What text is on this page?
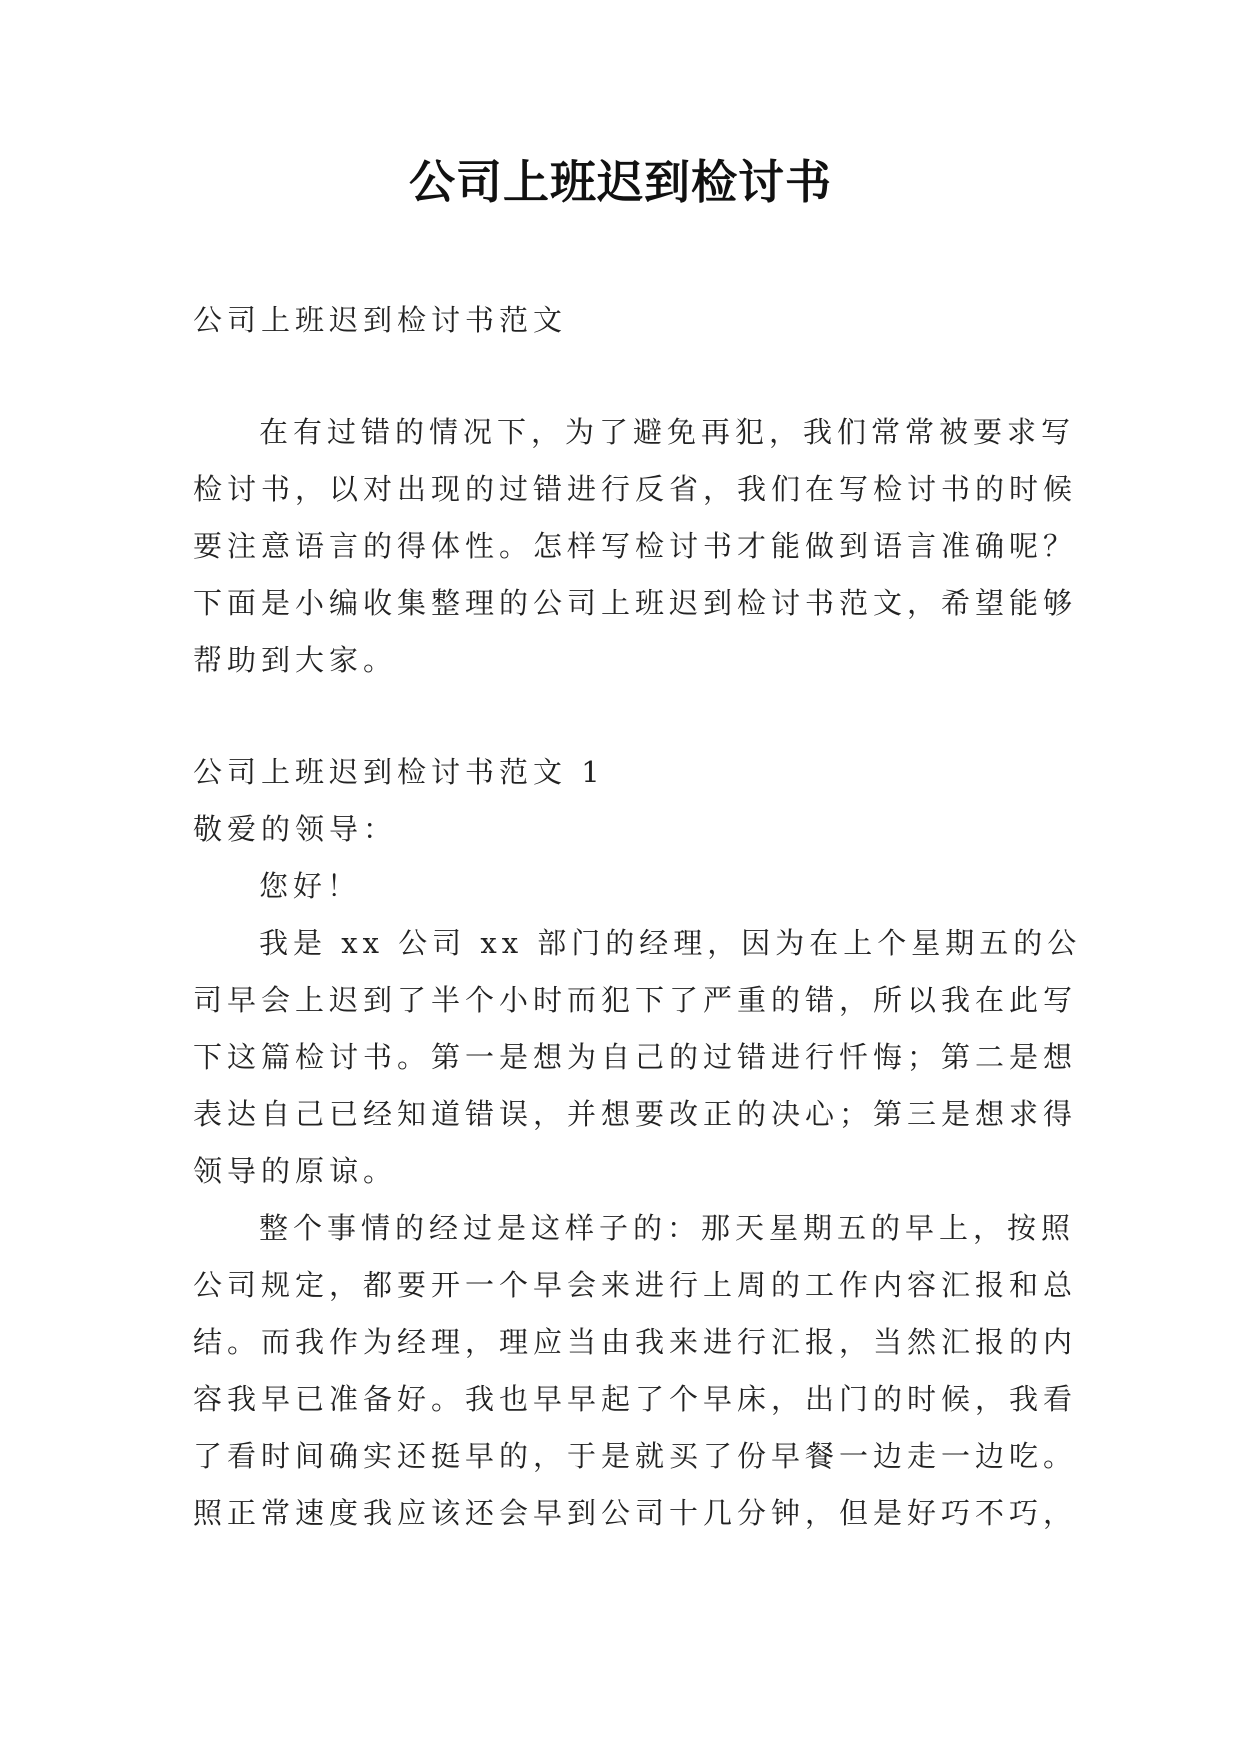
公司上班迟到检讨书

公司上班迟到检讨书范文

在有过错的情况下，为了避免再犯，我们常常被要求写检讨书，以对出现的过错进行反省，我们在写检讨书的时候要注意语言的得体性。怎样写检讨书才能做到语言准确呢？下面是小编收集整理的公司上班迟到检讨书范文，希望能够帮助到大家。

公司上班迟到检讨书范文 1

敬爱的领导：

您好！

我是 xx 公司 xx 部门的经理，因为在上个星期五的公司早会上迟到了半个小时而犯下了严重的错，所以我在此写下这篇检讨书。第一是想为自己的过错进行忏悔；第二是想表达自己已经知道错误，并想要改正的决心；第三是想求得领导的原谅。

整个事情的经过是这样子的：那天星期五的早上，按照公司规定，都要开一个早会来进行上周的工作内容汇报和总结。而我作为经理，理应当由我来进行汇报，当然汇报的内容我早已准备好。我也早早起了个早床，出门的时候，我看了看时间确实还挺早的，于是就买了份早餐一边走一边吃。照正常速度我应该还会早到公司十几分钟，但是好巧不巧，
